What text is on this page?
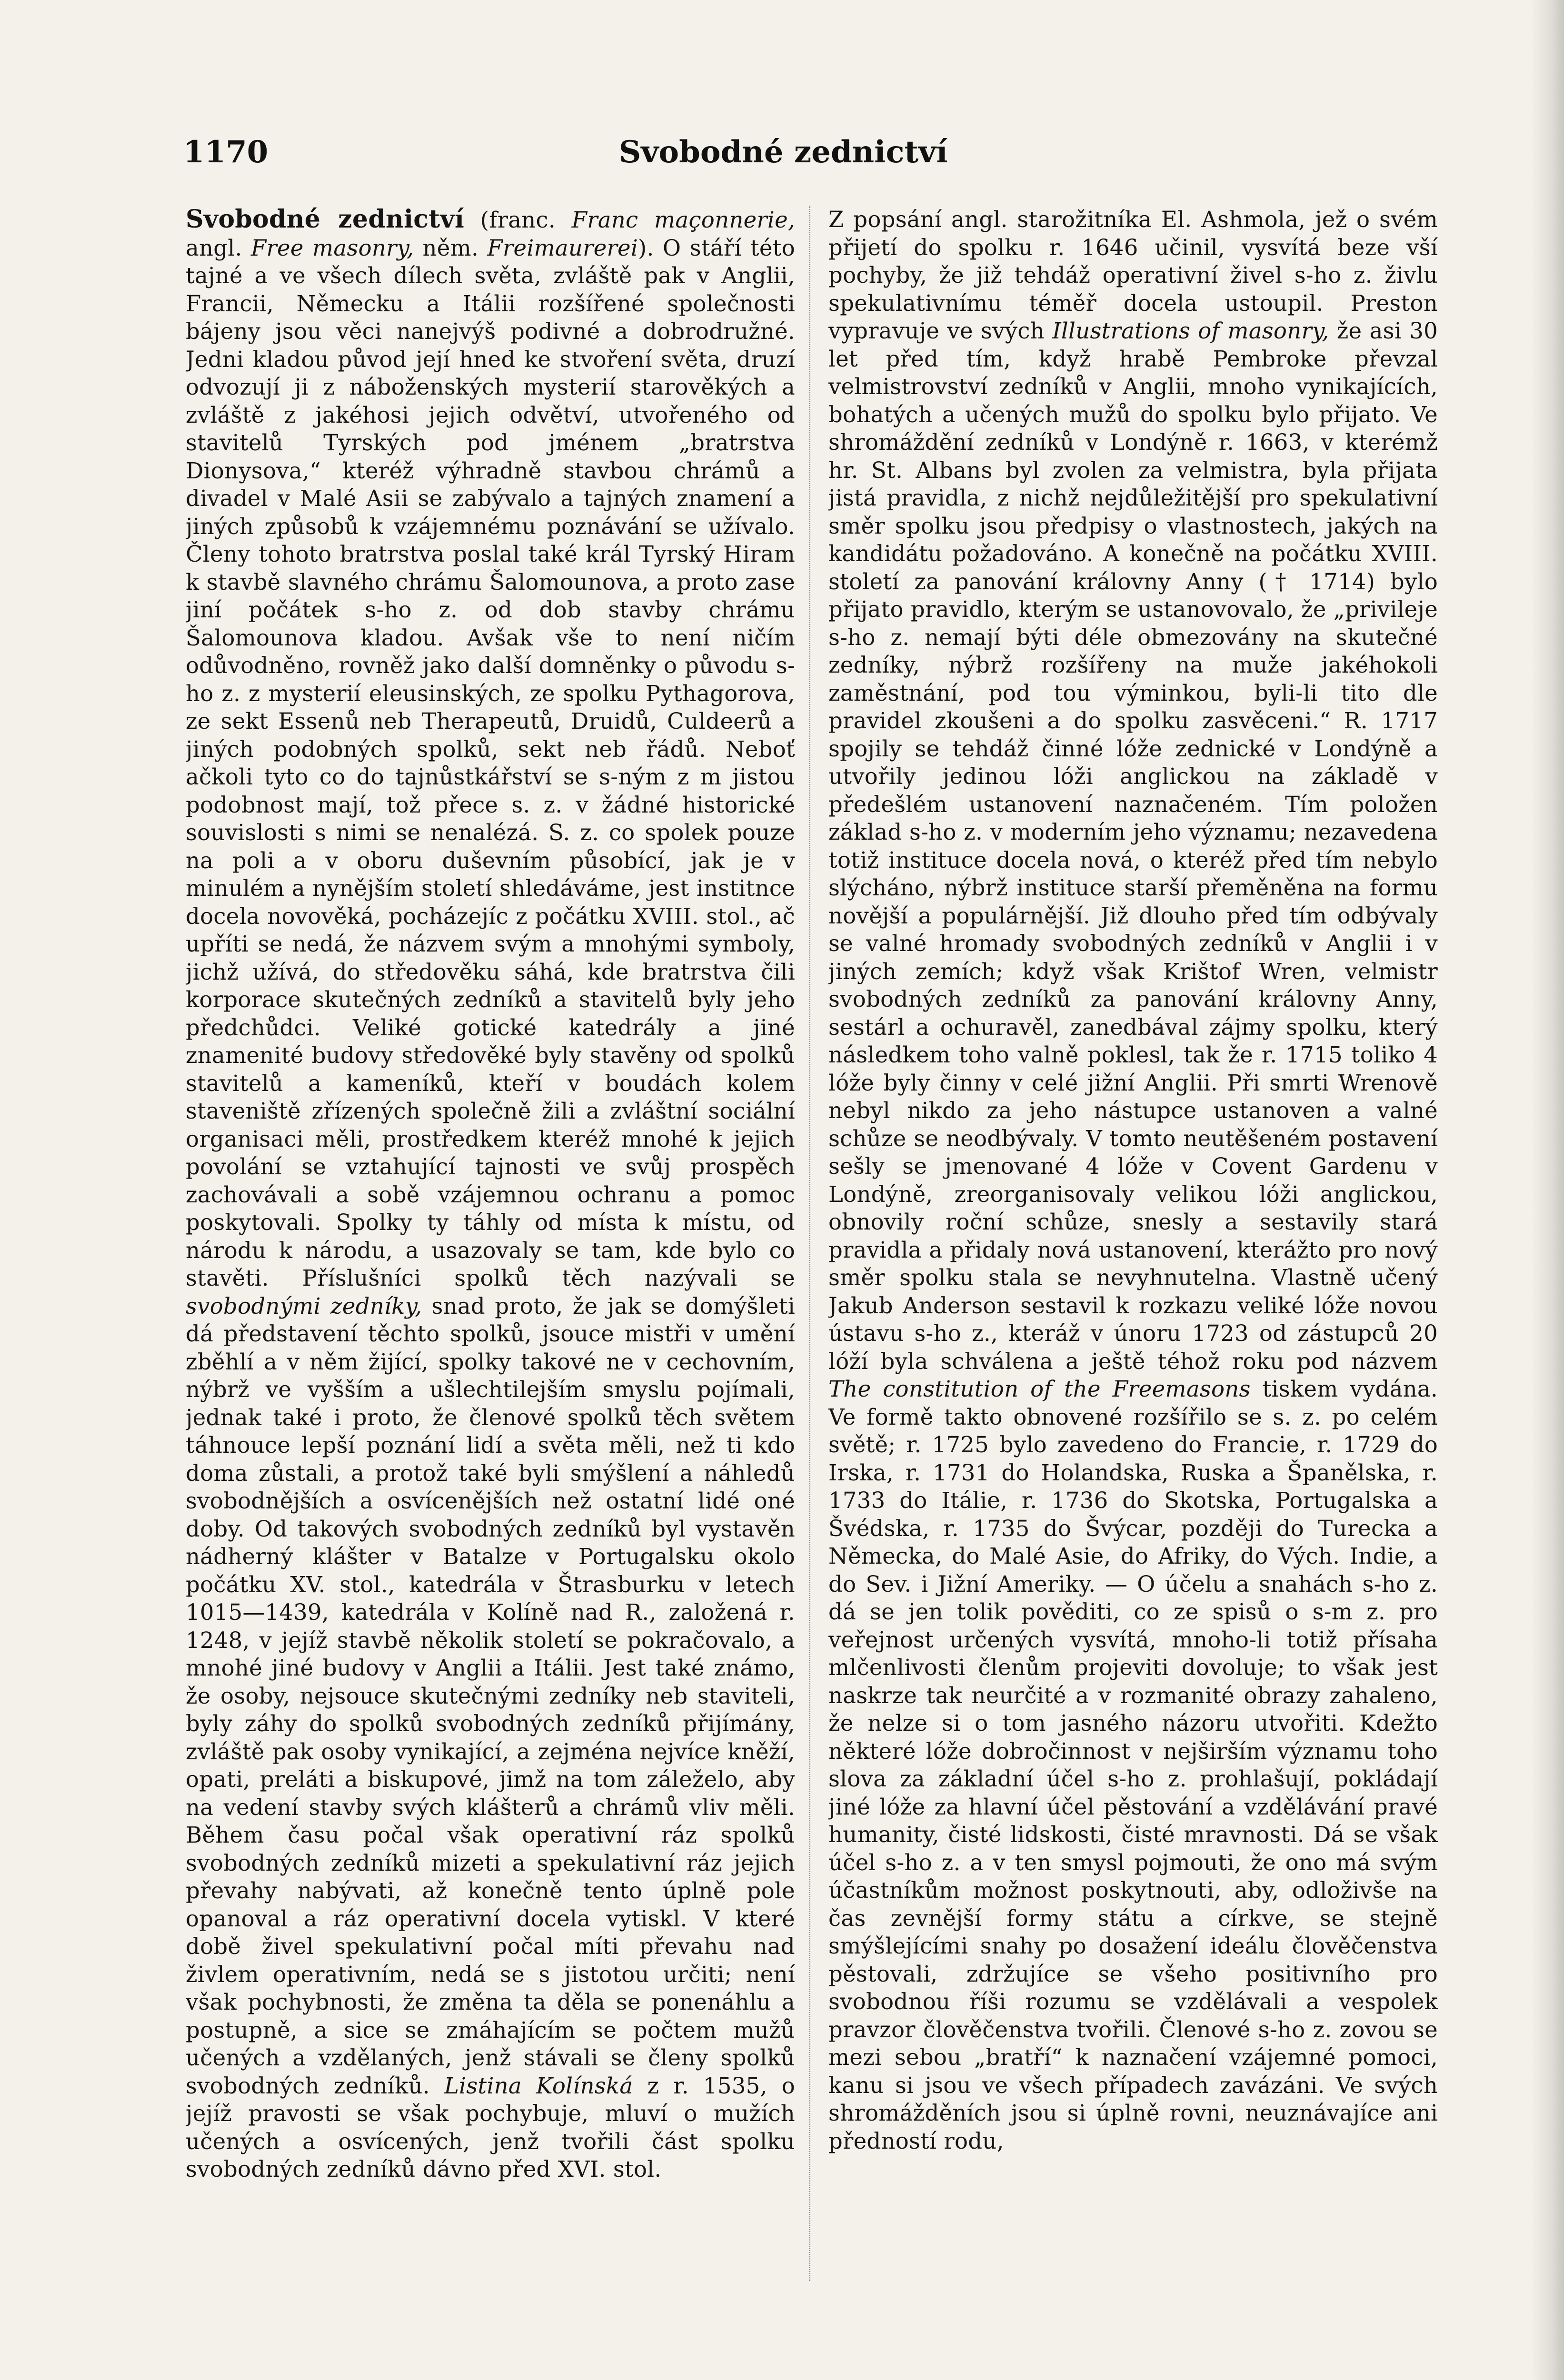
1170	Svobodné zednictví

Svobodné zednictví (franc. Franc maçonnerie, angl. Free masonry, něm. Freimaurerei). O stáří této tajné a ve všech dílech světa, zvláště pak v Anglii, Francii, Německu a Itálii rozšířené společnosti bájeny jsou věci nanejvýš podivné a dobrodružné. Jedni kladou původ její hned ke stvoření světa, druzí odvozují ji z náboženských mysterií starověkých a zvláště z jakéhosi jejich odvětví, utvořeného od stavitelů Tyrských pod jménem „bratrstva Dionysova,“ kteréž výhradně stavbou chrámů a divadel v Malé Asii se zabývalo a tajných znamení a jiných způsobů k vzájemnému poznávání se užívalo. Členy tohoto bratrstva poslal také král Tyrský Hiram k stavbě slavného chrámu Šalomounova, a proto zase jiní počátek s-ho z. od dob stavby chrámu Šalomounova kladou. Avšak vše to není ničím odůvodněno, rovněž jako další domněnky o původu s-ho z. z mysterií eleusinských, ze spolku Pythagorova, ze sekt Essenů neb Therapeutů, Druidů, Culdeerů a jiných podobných spolků, sekt neb řádů. Neboť ačkoli tyto co do tajnůstkářství se s-ným z m jistou podobnost mají, tož přece s. z. v žádné historické souvislosti s nimi se nenalézá. S. z. co spolek pouze na poli a v oboru duševním působící, jak je v minulém a nynějším století shledáváme, jest institnce docela novověká, pocházejíc z počátku XVIII. stol., ač upříti se nedá, že názvem svým a mnohými symboly, jichž užívá, do středověku sáhá, kde bratrstva čili korporace skutečných zedníků a stavitelů byly jeho předchůdci. Veliké gotické katedrály a jiné znamenité budovy středověké byly stavěny od spolků stavitelů a kameníků, kteří v boudách kolem staveniště zřízených společně žili a zvláštní sociální organisaci měli, prostředkem kteréž mnohé k jejich povolání se vztahující tajnosti ve svůj prospěch zachovávali a sobě vzájemnou ochranu a pomoc poskytovali. Spolky ty táhly od místa k místu, od národu k národu, a usazovaly se tam, kde bylo co stavěti. Příslušníci spolků těch nazývali se svobodnými zedníky, snad proto, že jak se domýšleti dá představení těchto spolků, jsouce mistři v umění zběhlí a v něm žijící, spolky takové ne v cechovním, nýbrž ve vyšším a ušlechtilejším smyslu pojímali, jednak také i proto, že členové spolků těch světem táhnouce lepší poznání lidí a světa měli, než ti kdo doma zůstali, a protož také byli smýšlení a náhledů svobodnějších a osvícenějších než ostatní lidé oné doby. Od takových svobodných zedníků byl vystavěn nádherný klášter v Batalze v Portugalsku okolo počátku XV. stol., katedrála v Štrasburku v letech 1015—1439, katedrála v Kolíně nad R., založená r. 1248, v jejíž stavbě několik století se pokračovalo, a mnohé jiné budovy v Anglii a Itálii. Jest také známo, že osoby, nejsouce skutečnými zedníky neb staviteli, byly záhy do spolků svobodných zedníků přijímány, zvláště pak osoby vynikající, a zejména nejvíce kněží, opati, preláti a biskupové, jimž na tom záleželo, aby na vedení stavby svých klášterů a chrámů vliv měli. Během času počal však operativní ráz spolků svobodných zedníků mizeti a spekulativní ráz jejich převahy nabývati, až konečně tento úplně pole opanoval a ráz operativní docela vytiskl. V které době živel spekulativní počal míti převahu nad živlem operativním, nedá se s jistotou určiti; není však pochybnosti, že změna ta děla se ponenáhlu a postupně, a sice se zmáhajícím se počtem mužů učených a vzdělaných, jenž stávali se členy spolků svobodných zedníků. Listina Kolínská z r. 1535, o jejíž pravosti se však pochybuje, mluví o mužích učených a osvícených, jenž tvořili část spolku svobodných zedníků dávno před XVI. stol.

Z popsání angl. starožitníka El. Ashmola, jež o svém přijetí do spolku r. 1646 učinil, vysvítá beze vší pochyby, že již tehdáž operativní živel s-ho z. živlu spekulativnímu téměř docela ustoupil. Preston vypravuje ve svých Illustrations of masonry, že asi 30 let před tím, když hrabě Pembroke převzal velmistrovství zedníků v Anglii, mnoho vynikajících, bohatých a učených mužů do spolku bylo přijato. Ve shromáždění zedníků v Londýně r. 1663, v kterémž hr. St. Albans byl zvolen za velmistra, byla přijata jistá pravidla, z nichž nejdůležitější pro spekulativní směr spolku jsou předpisy o vlastnostech, jakých na kandidátu požadováno. A konečně na počátku XVIII. století za panování královny Anny († 1714) bylo přijato pravidlo, kterým se ustanovovalo, že „privileje s-ho z. nemají býti déle obmezovány na skutečné zedníky, nýbrž rozšířeny na muže jakéhokoli zaměstnání, pod tou výminkou, byli-li tito dle pravidel zkoušeni a do spolku zasvěceni.“ R. 1717 spojily se tehdáž činné lóže zednické v Londýně a utvořily jedinou lóži anglickou na základě v předešlém ustanovení naznačeném. Tím položen základ s-ho z. v moderním jeho významu; nezavedena totiž instituce docela nová, o kteréž před tím nebylo slýcháno, nýbrž instituce starší přeměněna na formu novější a populárnější. Již dlouho před tím odbývaly se valné hromady svobodných zedníků v Anglii i v jiných zemích; když však Krištof Wren, velmistr svobodných zedníků za panování královny Anny, sestárl a ochuravěl, zanedbával zájmy spolku, který následkem toho valně poklesl, tak že r. 1715 toliko 4 lóže byly činny v celé jižní Anglii. Při smrti Wrenově nebyl nikdo za jeho nástupce ustanoven a valné schůze se neodbývaly. V tomto neutěšeném postavení sešly se jmenované 4 lóže v Covent Gardenu v Londýně, zreorganisovaly velikou lóži anglickou, obnovily roční schůze, snesly a sestavily stará pravidla a přidaly nová ustanovení, kterážto pro nový směr spolku stala se nevyhnutelna. Vlastně učený Jakub Anderson sestavil k rozkazu veliké lóže novou ústavu s-ho z., kteráž v únoru 1723 od zástupců 20 lóží byla schválena a ještě téhož roku pod názvem The constitution of the Freemasons tiskem vydána. Ve formě takto obnovené rozšířilo se s. z. po celém světě; r. 1725 bylo zavedeno do Francie, r. 1729 do Irska, r. 1731 do Holandska, Ruska a Španělska, r. 1733 do Itálie, r. 1736 do Skotska, Portugalska a Švédska, r. 1735 do Švýcar, později do Turecka a Německa, do Malé Asie, do Afriky, do Vých. Indie, a do Sev. i Jižní Ameriky. — O účelu a snahách s-ho z. dá se jen tolik pověditi, co ze spisů o s-m z. pro veřejnost určených vysvítá, mnoho-li totiž přísaha mlčenlivosti členům projeviti dovoluje; to však jest naskrze tak neurčité a v rozmanité obrazy zahaleno, že nelze si o tom jasného názoru utvořiti. Kdežto některé lóže dobročinnost v nejširším významu toho slova za základní účel s-ho z. prohlašují, pokládají jiné lóže za hlavní účel pěstování a vzdělávání pravé humanity, čisté lidskosti, čisté mravnosti. Dá se však účel s-ho z. a v ten smysl pojmouti, že ono má svým účastníkům možnost poskytnouti, aby, odloživše na čas zevnější formy státu a církve, se stejně smýšlejícími snahy po dosažení ideálu člověčenstva pěstovali, zdržujíce se všeho positivního pro svobodnou říši rozumu se vzdělávali a vespolek pravzor člověčenstva tvořili. Členové s-ho z. zovou se mezi sebou „bratří“ k naznačení vzájemné pomoci, kanu si jsou ve všech případech zavázáni. Ve svých shromážděních jsou si úplně rovni, neuznávajíce ani předností rodu,
